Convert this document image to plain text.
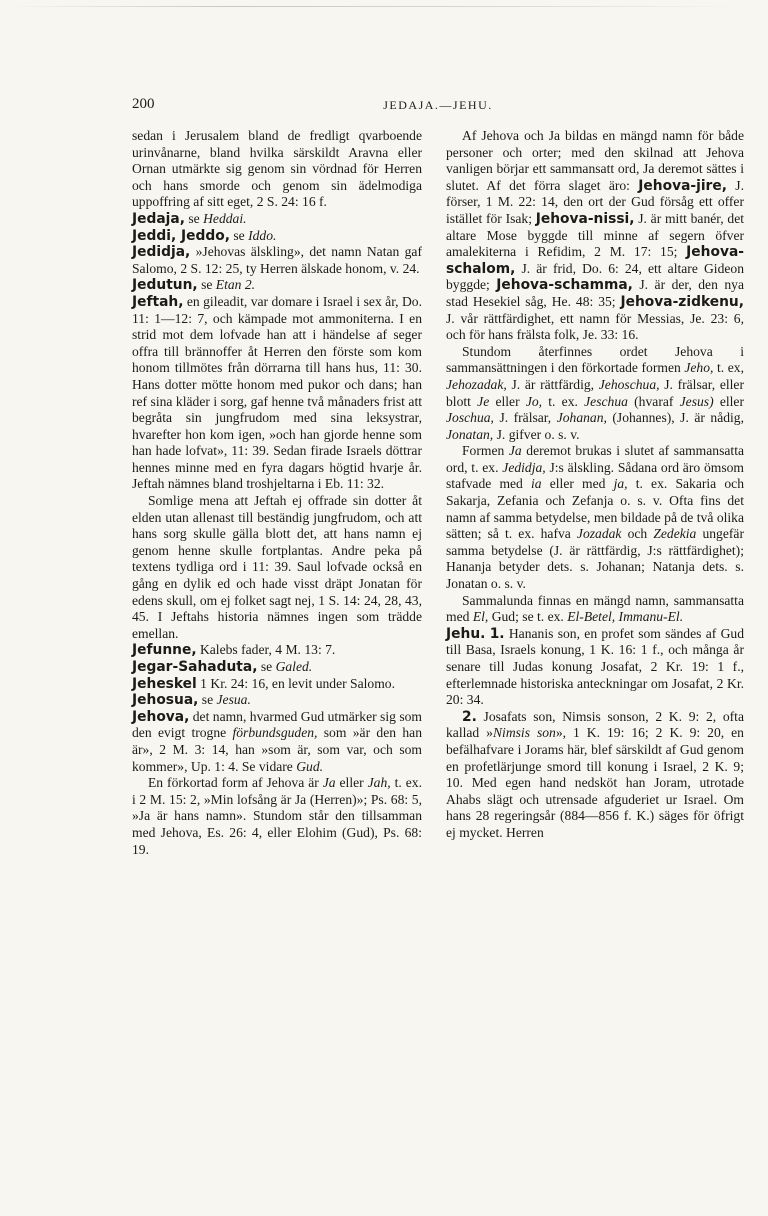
200	JEDAJA.—JEHU.

sedan i Jerusalem bland de fredligt qvarboende urinvånarne, bland hvilka särskildt Aravna eller Ornan utmärkte sig genom sin vördnad för Herren och hans smorde och genom sin ädelmodiga uppoffring af sitt eget, 2 S. 24: 16 f.

Jedaja, se Heddai.

Jeddi, Jeddo, se Iddo.

Jedidja, »Jehovas älskling», det namn Natan gaf Salomo, 2 S. 12: 25, ty Herren älskade honom, v. 24.

Jedutun, se Etan 2.

Jeftah, en gileadit, var domare i Israel i sex år, Do. 11: 1—12: 7, och kämpade mot ammoniterna. I en strid mot dem lofvade han att i händelse af seger offra till brännoffer åt Herren den förste som kom honom tillmötes från dörrarna till hans hus, 11: 30. Hans dotter mötte honom med pukor och dans; han ref sina kläder i sorg, gaf henne två månaders frist att begråta sin jungfrudom med sina leksystrar, hvarefter hon kom igen, »och han gjorde henne som han hade lofvat», 11: 39. Sedan firade Israels döttrar hennes minne med en fyra dagars högtid hvarje år. Jeftah nämnes bland troshjeltarna i Eb. 11: 32.

Somlige mena att Jeftah ej offrade sin dotter åt elden utan allenast till beständig jungfrudom, och att hans sorg skulle gälla blott det, att hans namn ej genom henne skulle fortplantas. Andre peka på textens tydliga ord i 11: 39. Saul lofvade också en gång en dylik ed och hade visst dräpt Jonatan för edens skull, om ej folket sagt nej, 1 S. 14: 24, 28, 43, 45. I Jeftahs historia nämnes ingen som trädde emellan.

Jefunne, Kalebs fader, 4 M. 13: 7.

Jegar-Sahaduta, se Galed.

Jeheskel 1 Kr. 24: 16, en levit under Salomo.

Jehosua, se Jesua.

Jehova, det namn, hvarmed Gud utmärker sig som den evigt trogne förbundsguden, som »är den han är», 2 M. 3: 14, han »som är, som var, och som kommer», Up. 1: 4. Se vidare Gud.

En förkortad form af Jehova är Ja eller Jah, t. ex. i 2 M. 15: 2, »Min lofsång är Ja (Herren)»; Ps. 68: 5, »Ja är hans namn». Stundom står den tillsamman med Jehova, Es. 26: 4, eller Elohim (Gud), Ps. 68: 19.

Af Jehova och Ja bildas en mängd namn för både personer och orter; med den skilnad att Jehova vanligen börjar ett sammansatt ord, Ja deremot sättes i slutet. Af det förra slaget äro: Jehova-jire, J. förser, 1 M. 22: 14, den ort der Gud försåg ett offer istället för Isak; Jehova-nissi, J. är mitt banér, det altare Mose byggde till minne af segern öfver amalekiterna i Refidim, 2 M. 17: 15; Jehova-schalom, J. är frid, Do. 6: 24, ett altare Gideon byggde; Jehova-schamma, J. är der, den nya stad Hesekiel såg, He. 48: 35; Jehova-zidkenu, J. vår rättfärdighet, ett namn för Messias, Je. 23: 6, och för hans frälsta folk, Je. 33: 16.

Stundom återfinnes ordet Jehova i sammansättningen i den förkortade formen Jeho, t. ex, Jehozadak, J. är rättfärdig, Jehoschua, J. frälsar, eller blott Je eller Jo, t. ex. Jeschua (hvaraf Jesus) eller Joschua, J. frälsar, Johanan, (Johannes), J. är nådig, Jonatan, J. gifver o. s. v.

Formen Ja deremot brukas i slutet af sammansatta ord, t. ex. Jedidja, J:s älskling. Sådana ord äro ömsom stafvade med ia eller med ja, t. ex. Sakaria och Sakarja, Zefania och Zefanja o. s. v. Ofta fins det namn af samma betydelse, men bildade på de två olika sätten; så t. ex. hafva Jozadak och Zedekia ungefär samma betydelse (J. är rättfärdig, J:s rättfärdighet); Hananja betyder dets. s. Johanan; Natanja dets. s. Jonatan o. s. v.

Sammalunda finnas en mängd namn, sammansatta med El, Gud; se t. ex. El-Betel, Immanu-El.

Jehu. 1. Hananis son, en profet som sändes af Gud till Basa, Israels konung, 1 K. 16: 1 f., och många år senare till Judas konung Josafat, 2 Kr. 19: 1 f., efterlemnade historiska anteckningar om Josafat, 2 Kr. 20: 34.

2. Josafats son, Nimsis sonson, 2 K. 9: 2, ofta kallad »Nimsis son», 1 K. 19: 16; 2 K. 9: 20, en befälhafvare i Jorams här, blef särskildt af Gud genom en profetlärjunge smord till konung i Israel, 2 K. 9; 10. Med egen hand nedsköt han Joram, utrotade Ahabs slägt och utrensade afguderiet ur Israel. Om hans 28 regeringsår (884—856 f. K.) säges för öfrigt ej mycket. Herren
